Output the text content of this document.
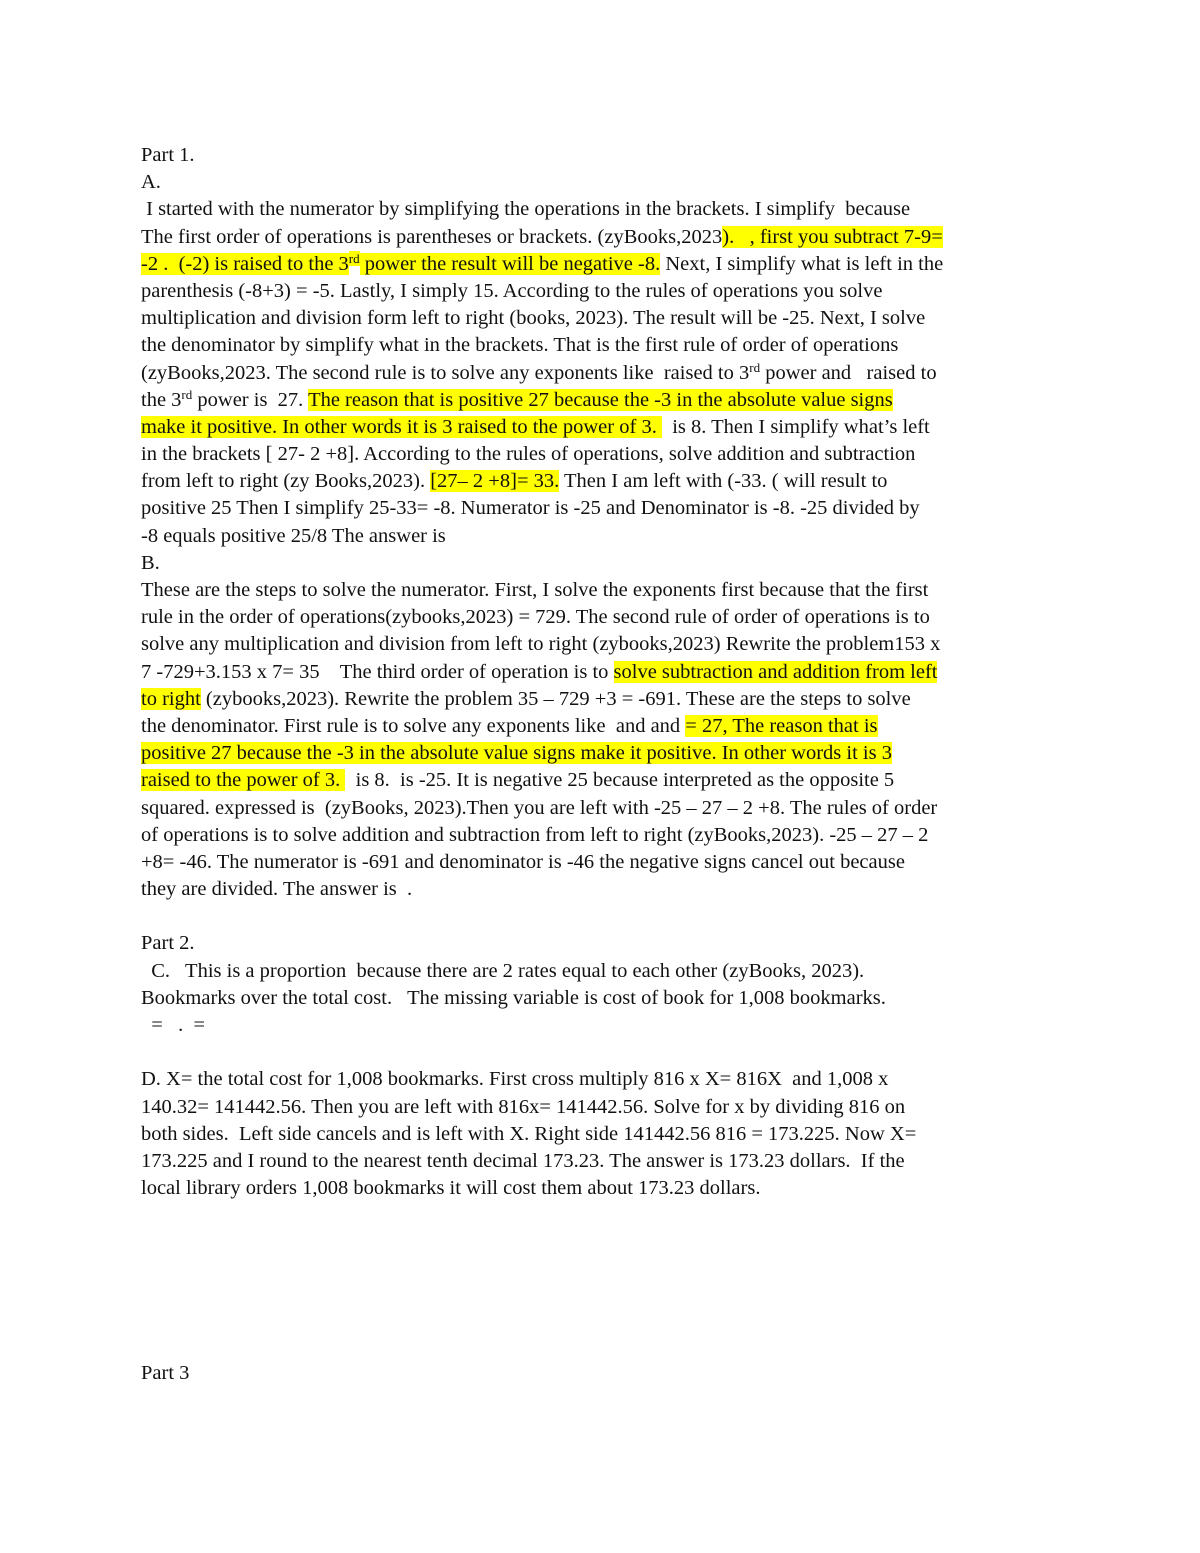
Part 1.
A.
I started with the numerator by simplifying the operations in the brackets. I simplify  because
The first order of operations is parentheses or brackets. (zyBooks,2023).   , first you subtract 7-9=
-2 .  (-2) is raised to the 3rd power the result will be negative -8. Next, I simplify what is left in the
parenthesis (-8+3) = -5. Lastly, I simply 15. According to the rules of operations you solve
multiplication and division form left to right (books, 2023). The result will be -25. Next, I solve
the denominator by simplify what in the brackets. That is the first rule of order of operations
(zyBooks,2023. The second rule is to solve any exponents like  raised to 3rd power and   raised to
the 3rd power is  27. The reason that is positive 27 because the -3 in the absolute value signs
make it positive. In other words it is 3 raised to the power of 3.   is 8. Then I simplify what’s left
in the brackets [ 27- 2 +8]. According to the rules of operations, solve addition and subtraction
from left to right (zy Books,2023). [27– 2 +8]= 33. Then I am left with (-33. ( will result to
positive 25 Then I simplify 25-33= -8. Numerator is -25 and Denominator is -8. -25 divided by
-8 equals positive 25/8 The answer is
B.
These are the steps to solve the numerator. First, I solve the exponents first because that the first
rule in the order of operations(zybooks,2023) = 729. The second rule of order of operations is to
solve any multiplication and division from left to right (zybooks,2023) Rewrite the problem153 x
7 -729+3.153 x 7= 35    The third order of operation is to solve subtraction and addition from left
to right (zybooks,2023). Rewrite the problem 35 – 729 +3 = -691. These are the steps to solve
the denominator. First rule is to solve any exponents like  and and = 27, The reason that is
positive 27 because the -3 in the absolute value signs make it positive. In other words it is 3
raised to the power of 3.   is 8.  is -25. It is negative 25 because interpreted as the opposite 5
squared. expressed is  (zyBooks, 2023).Then you are left with -25 – 27 – 2 +8. The rules of order
of operations is to solve addition and subtraction from left to right (zyBooks,2023). -25 – 27 – 2
+8= -46. The numerator is -691 and denominator is -46 the negative signs cancel out because
they are divided. The answer is  .
Part 2.
C.   This is a proportion  because there are 2 rates equal to each other (zyBooks, 2023).
Bookmarks over the total cost.   The missing variable is cost of book for 1,008 bookmarks.
=   .  =
D. X= the total cost for 1,008 bookmarks. First cross multiply 816 x X= 816X  and 1,008 x
140.32= 141442.56. Then you are left with 816x= 141442.56. Solve for x by dividing 816 on
both sides.  Left side cancels and is left with X. Right side 141442.56 816 = 173.225. Now X=
173.225 and I round to the nearest tenth decimal 173.23. The answer is 173.23 dollars.  If the
local library orders 1,008 bookmarks it will cost them about 173.23 dollars.
Part 3
